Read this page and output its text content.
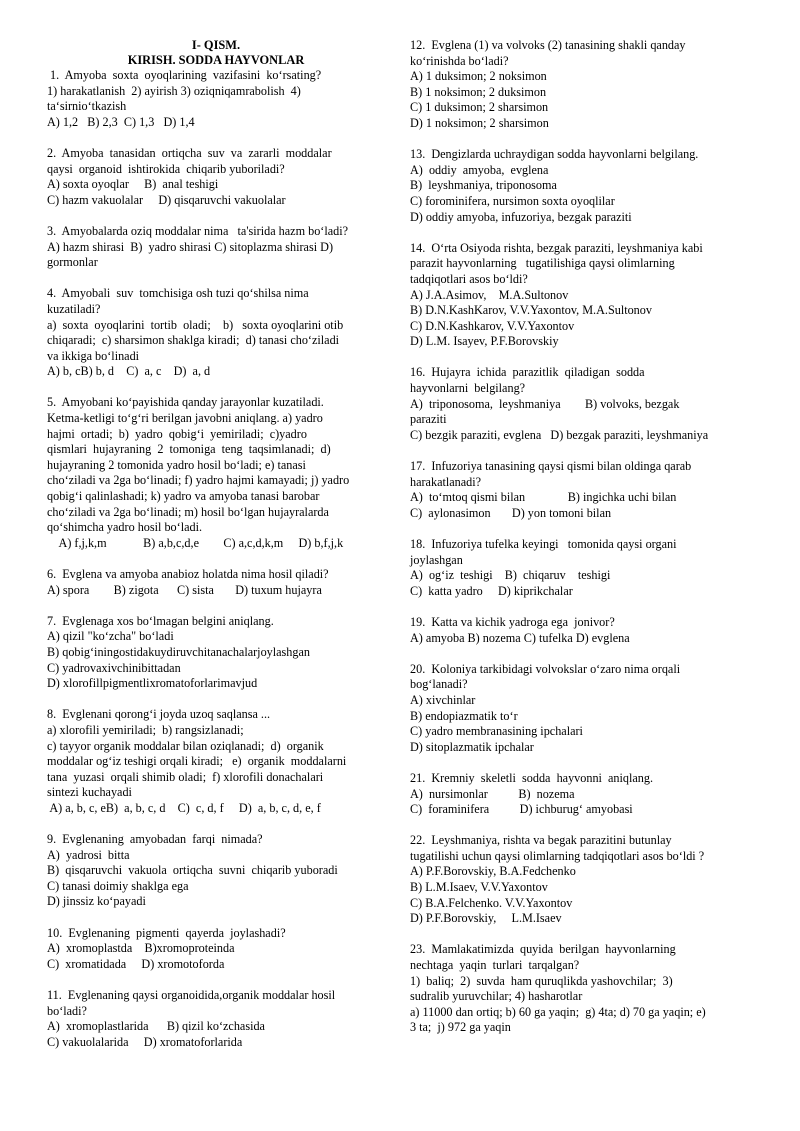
I- QISM.
KIRISH. SODDA HAYVONLAR
1.  Amyoba  soxta  oyoqlarining  vazifasini  ko‘rsating?
1) harakatlanish  2) ayirish 3) oziqniqamrabolish  4)
ta‘sirnio‘tkazish
A) 1,2   B) 2,3  C) 1,3   D) 1,4
2.  Amyoba  tanasidan  ortiqcha  suv  va  zararli  moddalar
qaysi  organoid  ishtirokida  chiqarib yuboriladi?
A) soxta oyoqlar     B)  anal teshigi
C) hazm vakuolalar     D) qisqaruvchi vakuolalar
3.  Amyobalarda oziq moddalar nima   ta'sirida hazm bo‘ladi?
A) hazm shirasi  B)  yadro shirasi C) sitoplazma shirasi D)
gormonlar
4.  Amyobali  suv  tomchisiga osh tuzi qo‘shilsa nima
kuzatiladi?
a)  soxta  oyoqlarini  tortib  oladi;    b)   soxta oyoqlarini otib
chiqaradi;  c) sharsimon shaklga kiradi;  d) tanasi cho‘ziladi
va ikkiga bo‘linadi
A) b, cB) b, d    C)  a, c    D)  a, d
5.  Amyobani ko‘payishida qanday jarayonlar kuzatiladi.
Ketma-ketligi to‘g‘ri berilgan javobni aniqlang. a) yadro
hajmi  ortadi;  b)  yadro  qobig‘i  yemiriladi;  c)yadro
qismlari  hujayraning  2  tomoniga  teng  taqsimlanadi;  d)
hujayraning 2 tomonida yadro hosil bo‘ladi; e) tanasi
cho‘ziladi va 2ga bo‘linadi; f) yadro hajmi kamayadi; j) yadro
qobig‘i qalinlashadi; k) yadro va amyoba tanasi barobar
cho‘ziladi va 2ga bo‘linadi; m) hosil bo‘lgan hujayralarda
qo‘shimcha yadro hosil bo‘ladi.
A) f,j,k,m            B) a,b,c,d,e        C) a,c,d,k,m     D) b,f,j,k
6.  Evglena va amyoba anabioz holatda nima hosil qiladi?
A) spora        B) zigota      C) sista       D) tuxum hujayra
7.  Evglenaga xos bo‘lmagan belgini aniqlang.
A) qizil "ko‘zcha" bo‘ladi
B) qobig‘iningostidakuydiruvchitanachalarjoylashgan
C) yadrovaxivchinibittadan
D) xlorofillpigmentlixromatoforlarimavjud
8.  Evglenani qorong‘i joyda uzoq saqlansa ...
a) xlorofili yemiriladi;  b) rangsizlanadi;
c) tayyor organik moddalar bilan oziqlanadi;  d)  organik
moddalar og‘iz teshigi orqali kiradi;   e)  organik  moddalarni
tana  yuzasi  orqali shimib oladi;  f) xlorofili donachalari
sintezi kuchayadi
A) a, b, c, eB)  a, b, c, d    C)  c, d, f     D)  a, b, c, d, e, f
9.  Evglenaning  amyobadan  farqi  nimada?
A)  yadrosi  bitta
B)  qisqaruvchi  vakuola  ortiqcha  suvni  chiqarib yuboradi
C) tanasi doimiy shaklga ega
D) jinssiz ko‘payadi
10.  Evglenaning  pigmenti  qayerda  joylashadi?
A)  xromoplastda    B)xromoproteinda
C)  xromatidada     D) xromotoforda
11.  Evglenaning qaysi organoidida,organik moddalar hosil
bo‘ladi?
A)  xromoplastlarida      B) qizil ko‘zchasida
C) vakuolalarida     D) xromatoforlarida
12.  Evglena (1) va volvoks (2) tanasining shakli qanday
ko‘rinishda bo‘ladi?
A) 1 duksimon; 2 noksimon
B) 1 noksimon; 2 duksimon
C) 1 duksimon; 2 sharsimon
D) 1 noksimon; 2 sharsimon
13.  Dengizlarda uchraydigan sodda hayvonlarni belgilang.
A)  oddiy  amyoba,  evglena
B)  leyshmaniya, triponosoma
C) forominifera, nursimon soxta oyoqlilar
D) oddiy amyoba, infuzoriya, bezgak paraziti
14.  O‘rta Osiyoda rishta, bezgak paraziti, leyshmaniya kabi
parazit hayvonlarning   tugatilishiga qaysi olimlarning
tadqiqotlari asos bo‘ldi?
A) J.A.Asimov,    M.A.Sultonov
B) D.N.KashKarov, V.V.Yaxontov, M.A.Sultonov
C) D.N.Kashkarov, V.V.Yaxontov
D) L.M. Isayev, P.F.Borovskiy
16.  Hujayra  ichida  parazitlik  qiladigan  sodda
hayvonlarni  belgilang?
A)  triponosoma,  leyshmaniya        B) volvoks, bezgak
paraziti
C) bezgik paraziti, evglena   D) bezgak paraziti, leyshmaniya
17.  Infuzoriya tanasining qaysi qismi bilan oldinga qarab
harakatlanadi?
A)  to‘mtoq qismi bilan              B) ingichka uchi bilan
C)  aylonasimon       D) yon tomoni bilan
18.  Infuzoriya tufelka keyingi   tomonida qaysi organi
joylashgan
A)  og‘iz  teshigi    B)  chiqaruv    teshigi
C)  katta yadro     D) kiprikchalar
19.  Katta va kichik yadroga ega  jonivor?
A) amyoba B) nozema C) tufelka D) evglena
20.  Koloniya tarkibidagi volvokslar o‘zaro nima orqali
bog‘lanadi?
A) xivchinlar
B) endopiazmatik to‘r
C) yadro membranasining ipchalari
D) sitoplazmatik ipchalar
21.  Kremniy  skeletli  sodda  hayvonni  aniqlang.
A)  nursimonlar          B)  nozema
C)  foraminifera          D) ichburug‘ amyobasi
22.  Leyshmaniya, rishta va begak parazitini butunlay
tugatilishi uchun qaysi olimlarning tadqiqotlari asos bo‘ldi ?
A) P.F.Borovskiy, B.A.Fedchenko
B) L.M.Isaev, V.V.Yaxontov
C) B.A.Felchenko. V.V.Yaxontov
D) P.F.Borovskiy,     L.M.Isaev
23.  Mamlakatimizda  quyida  berilgan  hayvonlarning
nechtaga  yaqin  turlari  tarqalgan?
1)  baliq;  2)  suvda  ham quruqlikda yashovchilar;  3)
sudralib yuruvchilar; 4) hasharotlar
a) 11000 dan ortiq; b) 60 ga yaqin;  g) 4ta; d) 70 ga yaqin; e)
3 ta;  j) 972 ga yaqin
